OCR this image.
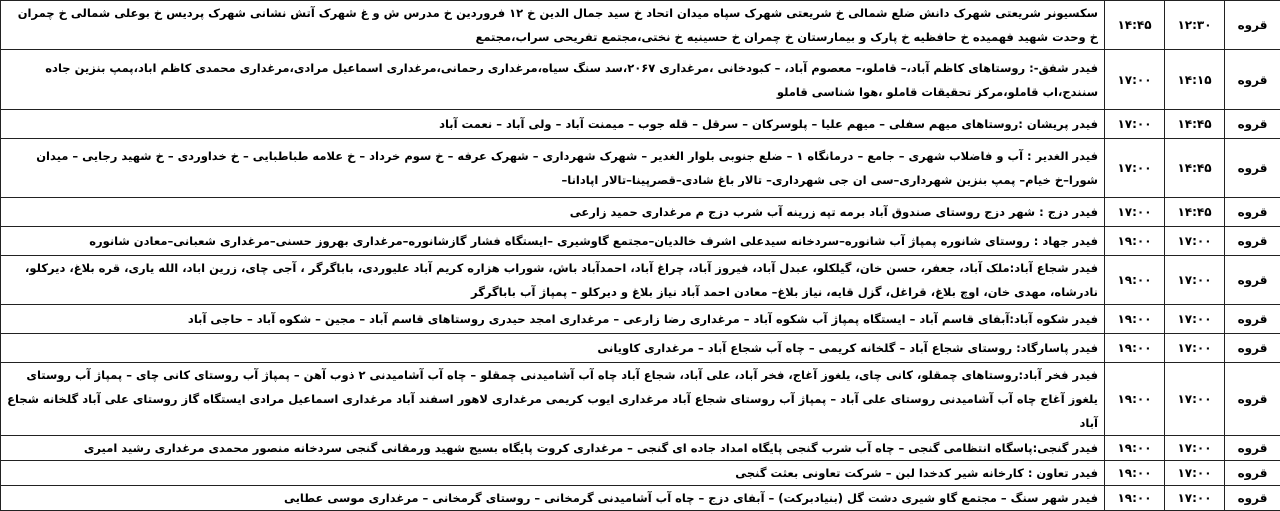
قروه	۱۲:۳۰	۱۴:۴۵	سکسیونر شریعتی شهرک دانش ضلع شمالی خ شریعتی شهرک سپاه میدان اتحاد خ سید جمال الدین خ ۱۲ فروردین خ مدرس ش و غ شهرک آتش نشانی شهرک پردیس خ بوعلی شمالی خ چمران خ وحدت شهید فهمیده خ حافظیه خ پارک و بیمارستان خ چمران خ حسینیه خ نختی،مجتمع تفریحی سراب،مجتمع
قروه	۱۴:۱۵	۱۷:۰۰	فیدر شفق-: روستاهای کاظم آباد،– قاملو،– معصوم آباد، – کبودخانی ،مرغداری ۲۰۶۷،سد سنگ سیاه،مرغداری رحمانی،مرغداری اسماعیل مرادی،مرغداری محمدی کاظم اباد،پمپ بنزین جاده سنندج،اب قاملو،مرکز تحقیقات قاملو ،هوا شناسی قاملو
قروه	۱۴:۴۵	۱۷:۰۰	فیدر پریشان :روستاهای میهم سفلی – میهم علیا – پلوسرکان – سرقل – قله جوب – میمنت آباد – ولی آباد – نعمت آباد
قروه	۱۴:۴۵	۱۷:۰۰	فیدر الغدیر : آب و فاضلاب شهری – جامع – درمانگاه ۱ – ضلع جنوبی بلوار الغدیر – شهرک شهرداری – شهرک عرفه – خ سوم خرداد – خ علامه طباطبایی – خ خداوردی – خ شهید رجایی – میدان شورا–خ خیام– پمپ بنزین شهرداری–سی ان جی شهرداری– تالار باغ شادی–قصرپینا–تالار اپادانا–
قروه	۱۴:۴۵	۱۷:۰۰	فیدر دزج : شهر دزج روستای صندوق آباد برمه تپه زرینه آب شرب دزج م مرغداری حمید زارعی
قروه	۱۷:۰۰	۱۹:۰۰	فیدر جهاد : روستای شانوره پمپاژ آب شانوره–سردخانه سیدعلی اشرف خالدیان–مجتمع گاوشیری –ایستگاه فشار گازشانوره–مرغداری بهروز حسنی–مرغداری شعبانی–معادن شانوره
قروه	۱۷:۰۰	۱۹:۰۰	فیدر شجاع آباد:ملک آباد، جعفر، حسن خان، گیلکلو، عبدل آباد، فیروز آباد، چراغ آباد، احمدآباد باش، شوراب هزاره کریم آباد علیوردی، باباگرگر ، آجی چای، زرین اباد، الله یاری، قره بلاغ، دیرکلو، نادرشاه، مهدی خان، اوچ بلاغ، قراغل، گزل قایه، نیاز بلاغ– معادن احمد آباد نیاز بلاغ و دیرکلو – پمپاژ آب باباگرگر
قروه	۱۷:۰۰	۱۹:۰۰	فیدر شکوه آباد:آبفای قاسم آباد – ایستگاه پمپاژ آب شکوه آباد – مرغداری رضا زارعی – مرغداری امجد حیدری روستاهای قاسم آباد – مجین – شکوه آباد – حاجی آباد
قروه	۱۷:۰۰	۱۹:۰۰	فیدر پاسارگاد: روستای شجاع آباد – گلخانه کریمی – چاه آب شجاع آباد – مرغداری کاویانی
قروه	۱۷:۰۰	۱۹:۰۰	فیدر فخر آباد:روستاهای چمقلو، کانی چای، یلغوز آغاج، فخر آباد، علی آباد، شجاع آباد چاه آب آشامیدنی چمقلو – چاه آب آشامیدنی ۲ ذوب آهن – پمپاژ آب روستای کانی چای – پمپاژ آب روستای یلغوز آغاج چاه آب آشامیدنی روستای علی آباد – پمپاژ آب روستای شجاع آباد مرغداری ایوب کریمی مرغداری لاهور اسفند آباد مرغداری اسماعیل مرادی ایستگاه گاز روستای علی آباد گلخانه شجاع آباد
قروه	۱۷:۰۰	۱۹:۰۰	فیدر گنجی:پاسگاه انتظامی گنجی – چاه آب شرب گنجی پایگاه امداد جاده ای گنجی – مرغداری کروت پایگاه بسیج شهید ورمقانی گنجی سردخانه منصور محمدی مرغداری رشید امیری
قروه	۱۷:۰۰	۱۹:۰۰	فیدر تعاون : کارخانه شیر کدخدا لبن – شرکت تعاونی بعثت گنجی
قروه	۱۷:۰۰	۱۹:۰۰	فیدر شهر سنگ – مجتمع گاو شیری دشت گل (بنیادبرکت) – آبفای دزج – چاه آب آشامیدنی گرمخانی – روستای گرمخانی – مرغداری موسی عطایی
